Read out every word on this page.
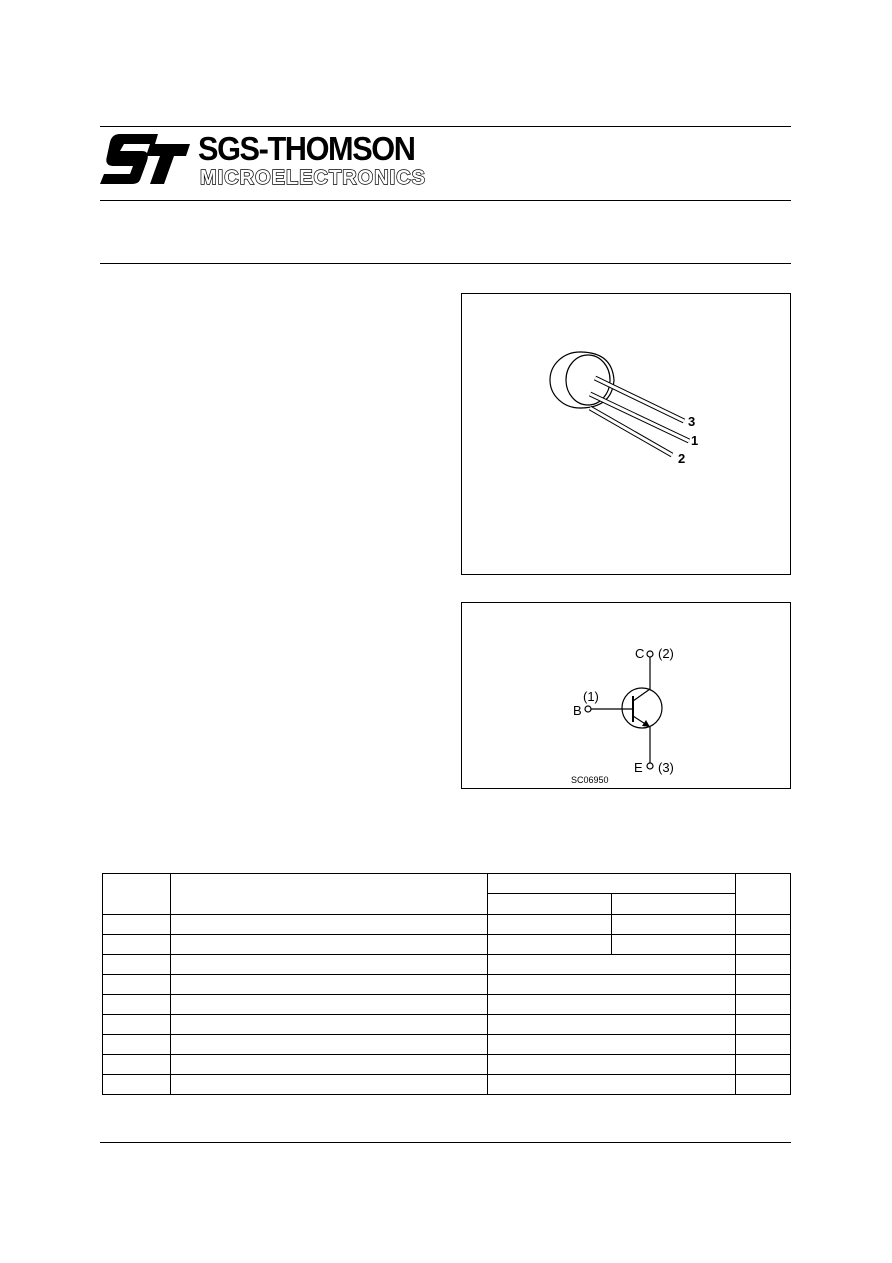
SGS-THOMSON
MICROELECTRONICS
3
1
2
C (2)
(1)
B
E (3)
SC06950
